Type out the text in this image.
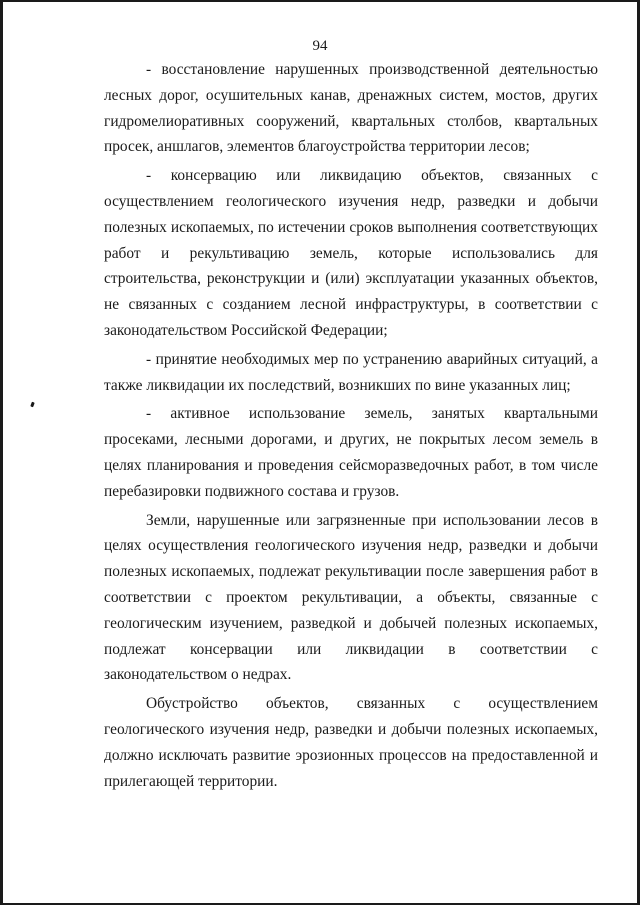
94

- восстановление нарушенных производственной деятельностью лесных дорог, осушительных канав, дренажных систем, мостов, других гидромелиоративных сооружений, квартальных столбов, квартальных просек, аншлагов, элементов благоустройства территории лесов;

- консервацию или ликвидацию объектов, связанных с осуществлением геологического изучения недр, разведки и добычи полезных ископаемых, по истечении сроков выполнения соответствующих работ и рекультивацию земель, которые использовались для строительства, реконструкции и (или) эксплуатации указанных объектов, не связанных с созданием лесной инфраструктуры, в соответствии с законодательством Российской Федерации;

- принятие необходимых мер по устранению аварийных ситуаций, а также ликвидации их последствий, возникших по вине указанных лиц;

- активное использование земель, занятых квартальными просеками, лесными дорогами, и других, не покрытых лесом земель в целях планирования и проведения сейсморазведочных работ, в том числе перебазировки подвижного состава и грузов.

Земли, нарушенные или загрязненные при использовании лесов в целях осуществления геологического изучения недр, разведки и добычи полезных ископаемых, подлежат рекультивации после завершения работ в соответствии с проектом рекультивации, а объекты, связанные с геологическим изучением, разведкой и добычей полезных ископаемых, подлежат консервации или ликвидации в соответствии с законодательством о недрах.

Обустройство объектов, связанных с осуществлением геологического изучения недр, разведки и добычи полезных ископаемых, должно исключать развитие эрозионных процессов на предоставленной и прилегающей территории.
